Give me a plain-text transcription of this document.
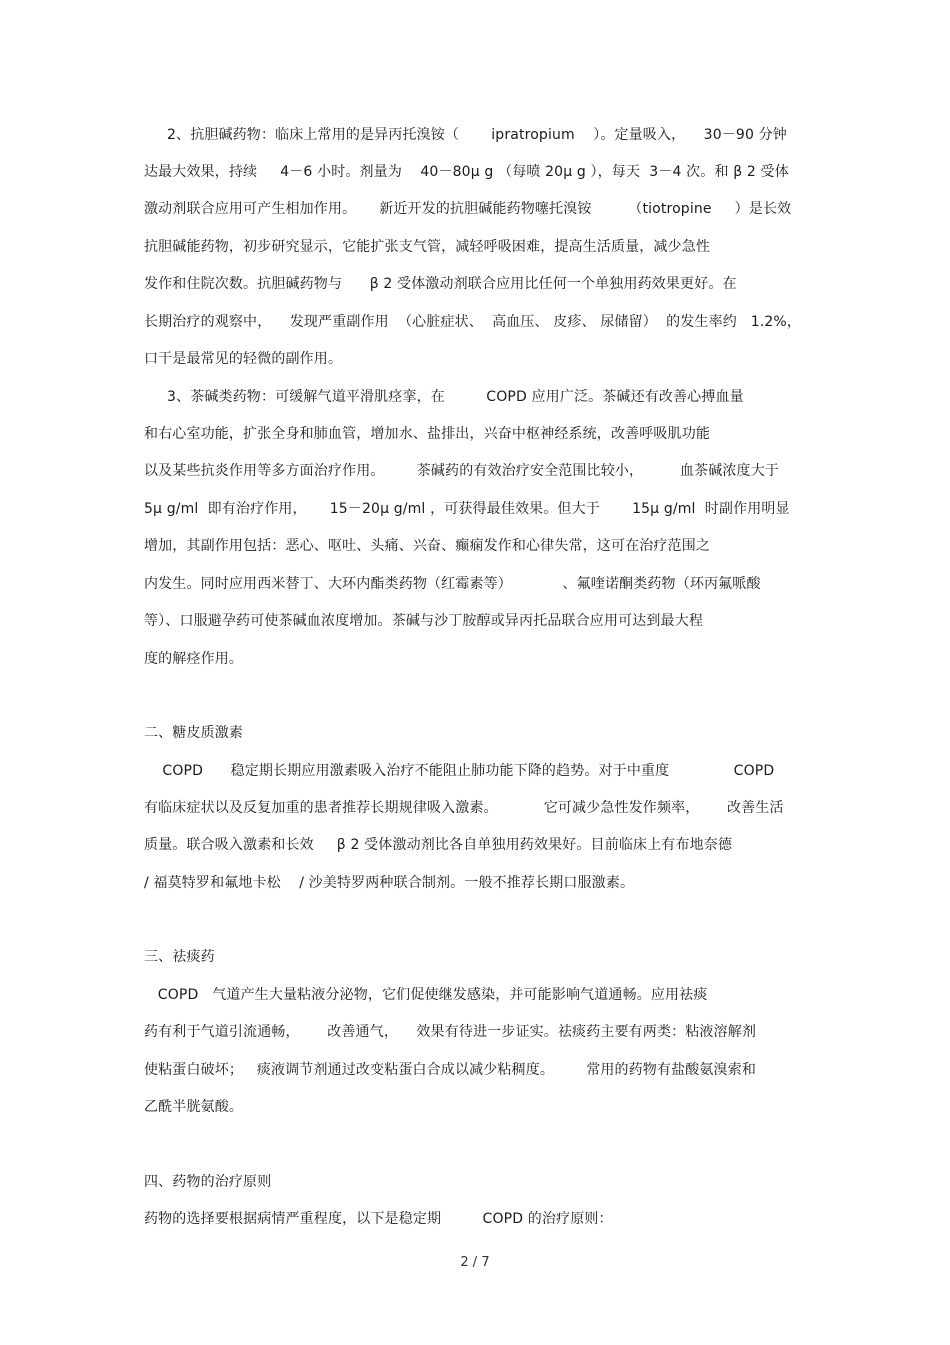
2、抗胆碱药物：临床上常用的是异丙托溴铵（       ipratropium    ）。定量吸入，    30－90 分钟
达最大效果，持续     4－6 小时。剂量为    40－80μ g （每喷 20μ g ），每天  3－4 次。和 β 2 受体
激动剂联合应用可产生相加作用。     新近开发的抗胆碱能药物噻托溴铵        （tiotropine     ）是长效
抗胆碱能药物，初步研究显示，它能扩张支气管，减轻呼吸困难，提高生活质量，减少急性
发作和住院次数。抗胆碱药物与      β 2 受体激动剂联合应用比任何一个单独用药效果更好。在
长期治疗的观察中，    发现严重副作用  （心脏症状、  高血压、 皮疹、 尿储留）  的发生率约   1.2%，
口干是最常见的轻微的副作用。
3、茶碱类药物：可缓解气道平滑肌痉挛，在         COPD 应用广泛。茶碱还有改善心搏血量
和右心室功能，扩张全身和肺血管，增加水、盐排出，兴奋中枢神经系统，改善呼吸肌功能
以及某些抗炎作用等多方面治疗作用。       茶碱药的有效治疗安全范围比较小，        血茶碱浓度大于
5μ g/ml  即有治疗作用，     15－20μ g/ml ，可获得最佳效果。但大于       15μ g/ml  时副作用明显
增加，其副作用包括：恶心、呕吐、头痛、兴奋、癫痫发作和心律失常，这可在治疗范围之
内发生。同时应用西米替丁、大环内酯类药物（红霉素等）           、氟喹诺酮类药物（环丙氟哌酸
等）、口服避孕药可使茶碱血浓度增加。茶碱与沙丁胺醇或异丙托品联合应用可达到最大程
度的解痉作用。
二、糖皮质激素
COPD      稳定期长期应用激素吸入治疗不能阻止肺功能下降的趋势。对于中重度              COPD
有临床症状以及反复加重的患者推荐长期规律吸入激素。          它可减少急性发作频率，      改善生活
质量。联合吸入激素和长效     β 2 受体激动剂比各自单独用药效果好。目前临床上有布地奈德
/ 福莫特罗和氟地卡松    / 沙美特罗两种联合制剂。一般不推荐长期口服激素。
三、祛痰药
COPD   气道产生大量粘液分泌物，它们促使继发感染，并可能影响气道通畅。应用祛痰
药有利于气道引流通畅，      改善通气，    效果有待进一步证实。祛痰药主要有两类：粘液溶解剂
使粘蛋白破坏；   痰液调节剂通过改变粘蛋白合成以减少粘稠度。       常用的药物有盐酸氨溴索和
乙酰半胱氨酸。
四、药物的治疗原则
药物的选择要根据病情严重程度，以下是稳定期         COPD 的治疗原则：
2 / 7
